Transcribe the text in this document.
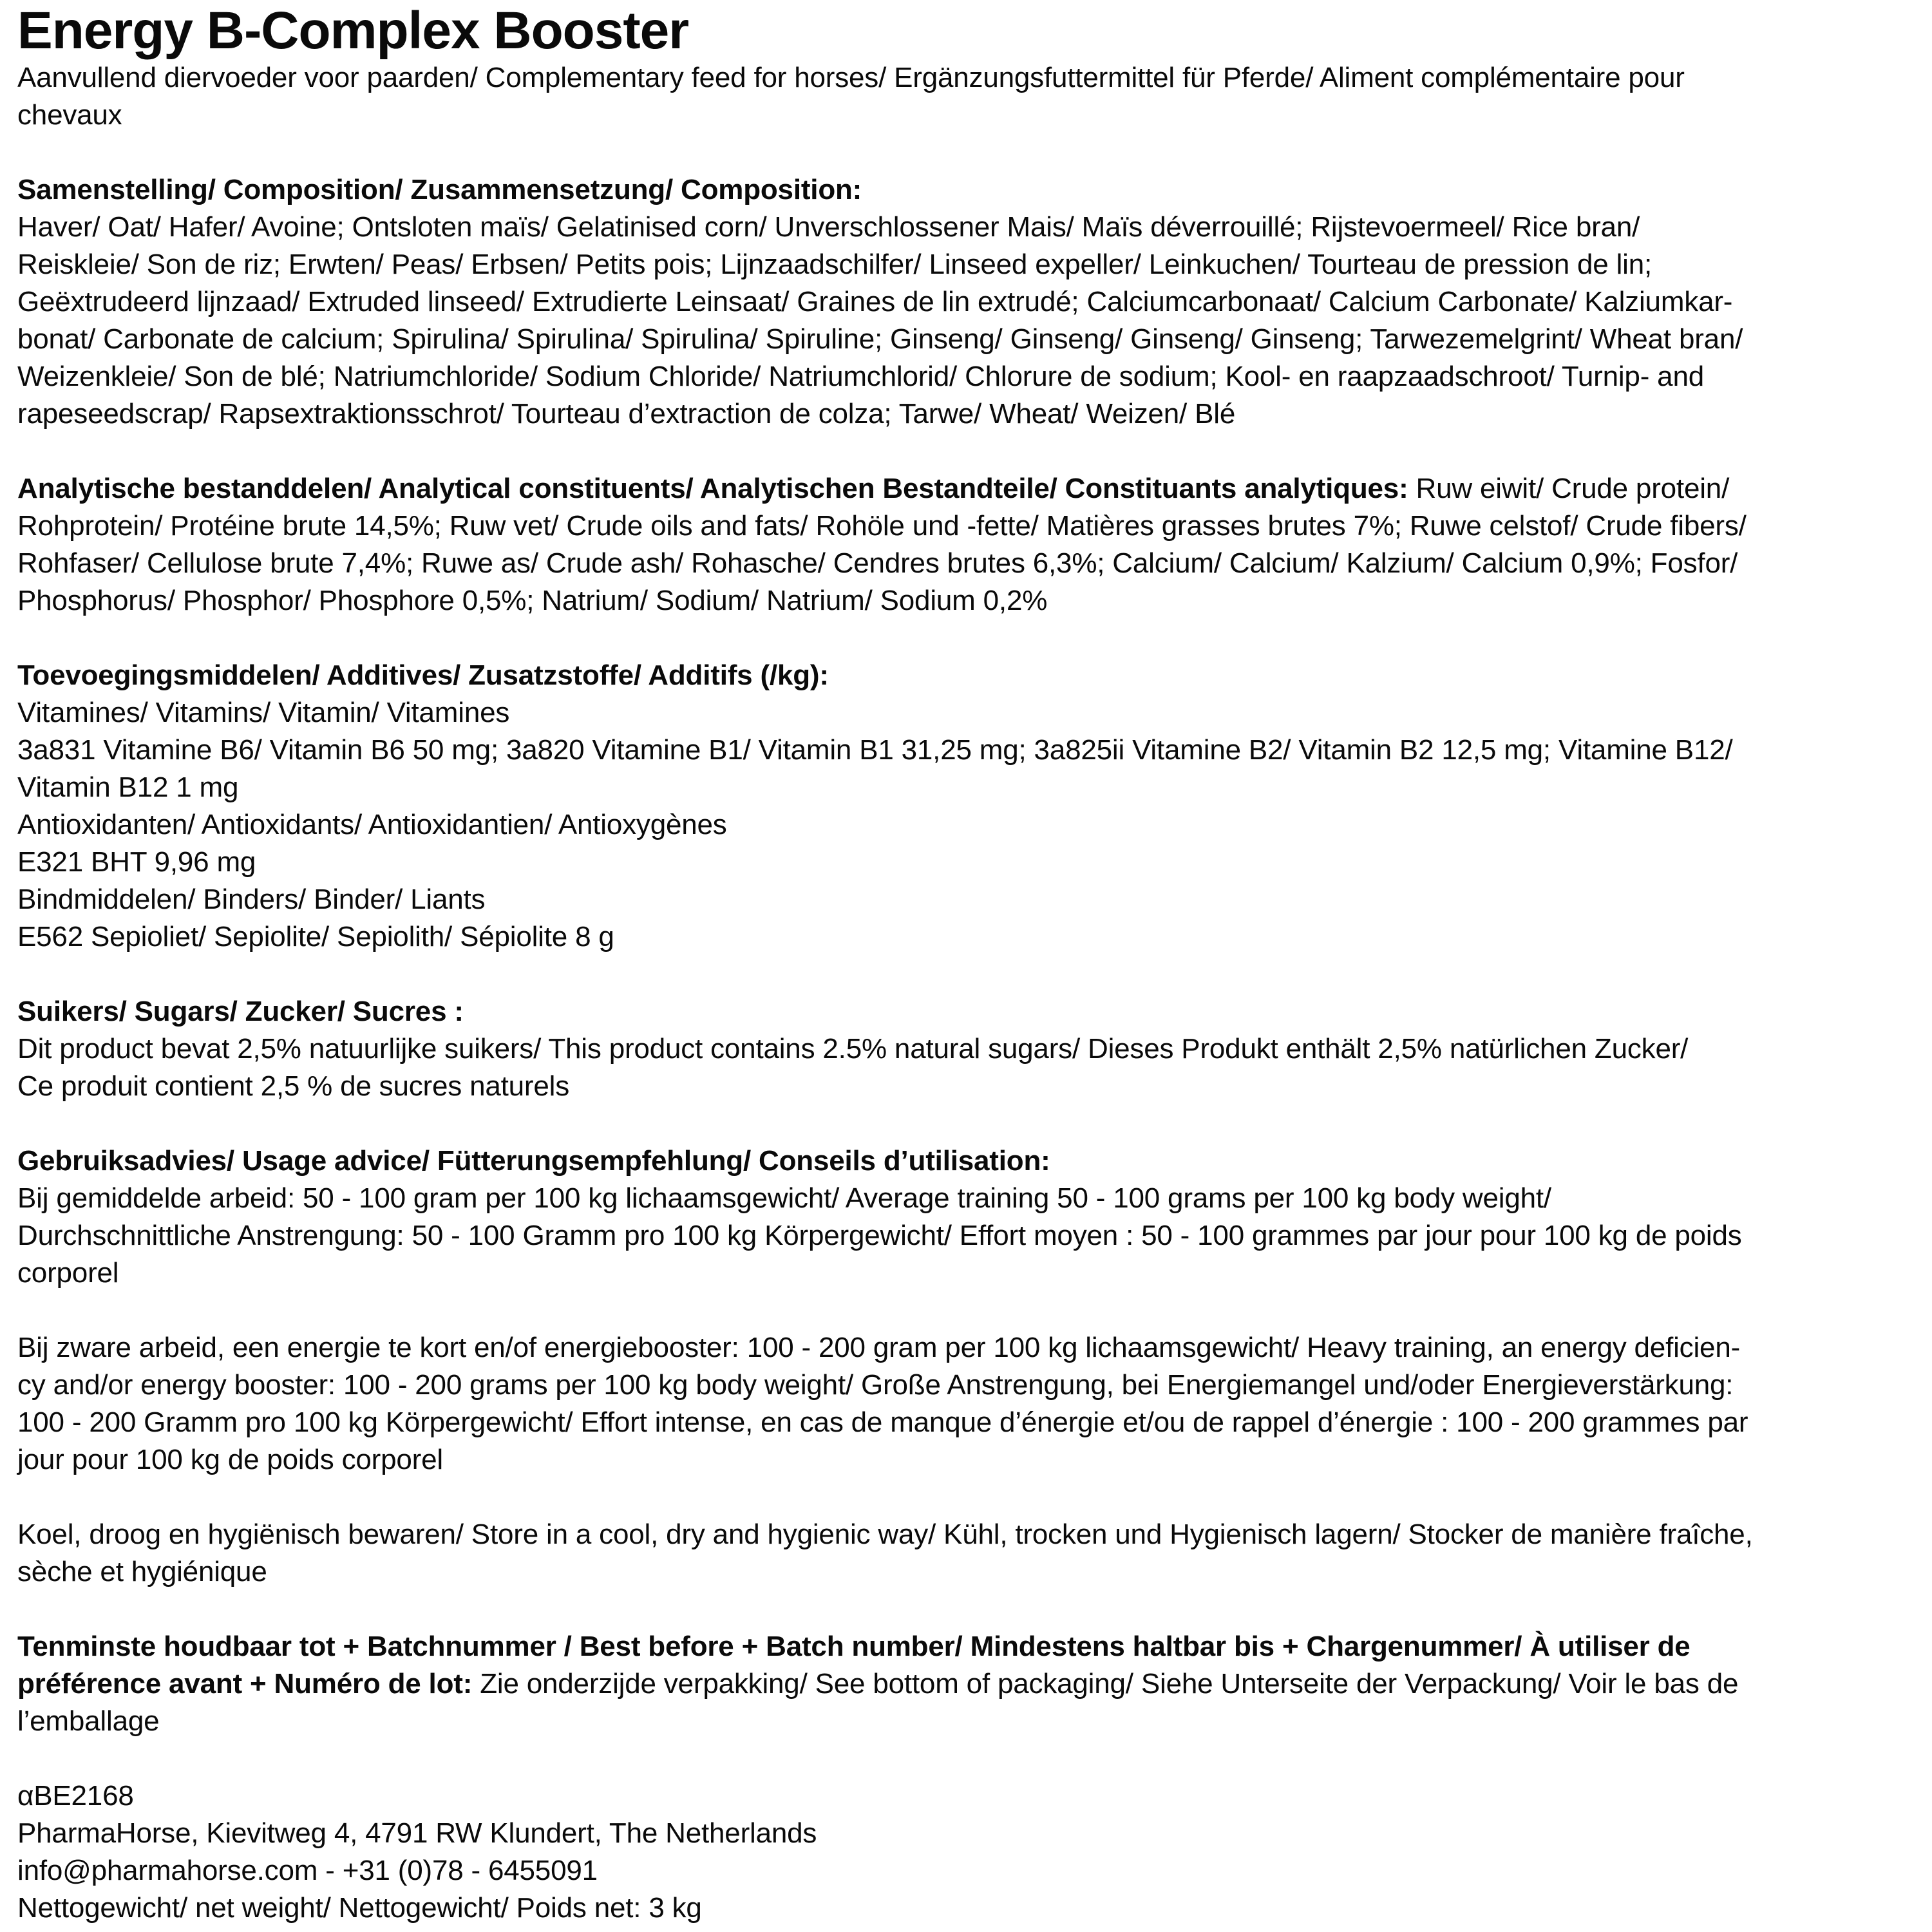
Energy B-Complex Booster
Aanvullend diervoeder voor paarden/ Complementary feed for horses/ Ergänzungsfuttermittel für Pferde/ Aliment complémentaire pour
chevaux
Samenstelling/ Composition/ Zusammensetzung/ Composition:
Haver/ Oat/ Hafer/ Avoine; Ontsloten maïs/ Gelatinised corn/ Unverschlossener Mais/ Maïs déverrouillé; Rijstevoermeel/ Rice bran/
Reiskleie/ Son de riz; Erwten/ Peas/ Erbsen/ Petits pois; Lijnzaadschilfer/ Linseed expeller/ Leinkuchen/ Tourteau de pression de lin;
Geëxtrudeerd lijnzaad/ Extruded linseed/ Extrudierte Leinsaat/ Graines de lin extrudé; Calciumcarbonaat/ Calcium Carbonate/ Kalziumkar-
bonat/ Carbonate de calcium; Spirulina/ Spirulina/ Spirulina/ Spiruline; Ginseng/ Ginseng/ Ginseng/ Ginseng; Tarwezemelgrint/ Wheat bran/
Weizenkleie/ Son de blé; Natriumchloride/ Sodium Chloride/ Natriumchlorid/ Chlorure de sodium; Kool- en raapzaadschroot/ Turnip- and
rapeseedscrap/ Rapsextraktionsschrot/ Tourteau d’extraction de colza; Tarwe/ Wheat/ Weizen/ Blé
Analytische bestanddelen/ Analytical constituents/ Analytischen Bestandteile/ Constituants analytiques: Ruw eiwit/ Crude protein/
Rohprotein/ Protéine brute 14,5%; Ruw vet/ Crude oils and fats/ Rohöle und -fette/ Matières grasses brutes 7%; Ruwe celstof/ Crude fibers/
Rohfaser/ Cellulose brute 7,4%; Ruwe as/ Crude ash/ Rohasche/ Cendres brutes 6,3%; Calcium/ Calcium/ Kalzium/ Calcium 0,9%; Fosfor/
Phosphorus/ Phosphor/ Phosphore 0,5%; Natrium/ Sodium/ Natrium/ Sodium 0,2%
Toevoegingsmiddelen/ Additives/ Zusatzstoffe/ Additifs (/kg):
Vitamines/ Vitamins/ Vitamin/ Vitamines
3a831 Vitamine B6/ Vitamin B6 50 mg; 3a820 Vitamine B1/ Vitamin B1 31,25 mg; 3a825ii Vitamine B2/ Vitamin B2 12,5 mg; Vitamine B12/
Vitamin B12 1 mg
Antioxidanten/ Antioxidants/ Antioxidantien/ Antioxygènes
E321 BHT 9,96 mg
Bindmiddelen/ Binders/ Binder/ Liants
E562 Sepioliet/ Sepiolite/ Sepiolith/ Sépiolite 8 g
Suikers/ Sugars/ Zucker/ Sucres :
Dit product bevat 2,5% natuurlijke suikers/ This product contains 2.5% natural sugars/ Dieses Produkt enthält 2,5% natürlichen Zucker/
Ce produit contient 2,5 % de sucres naturels
Gebruiksadvies/ Usage advice/ Fütterungsempfehlung/ Conseils d’utilisation:
Bij gemiddelde arbeid: 50 - 100 gram per 100 kg lichaamsgewicht/ Average training 50 - 100 grams per 100 kg body weight/
Durchschnittliche Anstrengung: 50 - 100 Gramm pro 100 kg Körpergewicht/ Effort moyen : 50 - 100 grammes par jour pour 100 kg de poids
corporel
Bij zware arbeid, een energie te kort en/of energiebooster: 100 - 200 gram per 100 kg lichaamsgewicht/ Heavy training, an energy deficien-
cy and/or energy booster: 100 - 200 grams per 100 kg body weight/ Große Anstrengung, bei Energiemangel und/oder Energieverstärkung:
100 - 200 Gramm pro 100 kg Körpergewicht/ Effort intense, en cas de manque d’énergie et/ou de rappel d’énergie : 100 - 200 grammes par
jour pour 100 kg de poids corporel
Koel, droog en hygiënisch bewaren/ Store in a cool, dry and hygienic way/ Kühl, trocken und Hygienisch lagern/ Stocker de manière fraîche,
sèche et hygiénique
Tenminste houdbaar tot + Batchnummer / Best before + Batch number/ Mindestens haltbar bis + Chargenummer/ À utiliser de
préférence avant + Numéro de lot: Zie onderzijde verpakking/ See bottom of packaging/ Siehe Unterseite der Verpackung/ Voir le bas de
l’emballage
αBE2168
PharmaHorse, Kievitweg 4, 4791 RW Klundert, The Netherlands
info@pharmahorse.com - +31 (0)78 - 6455091
Nettogewicht/ net weight/ Nettogewicht/ Poids net: 3 kg
